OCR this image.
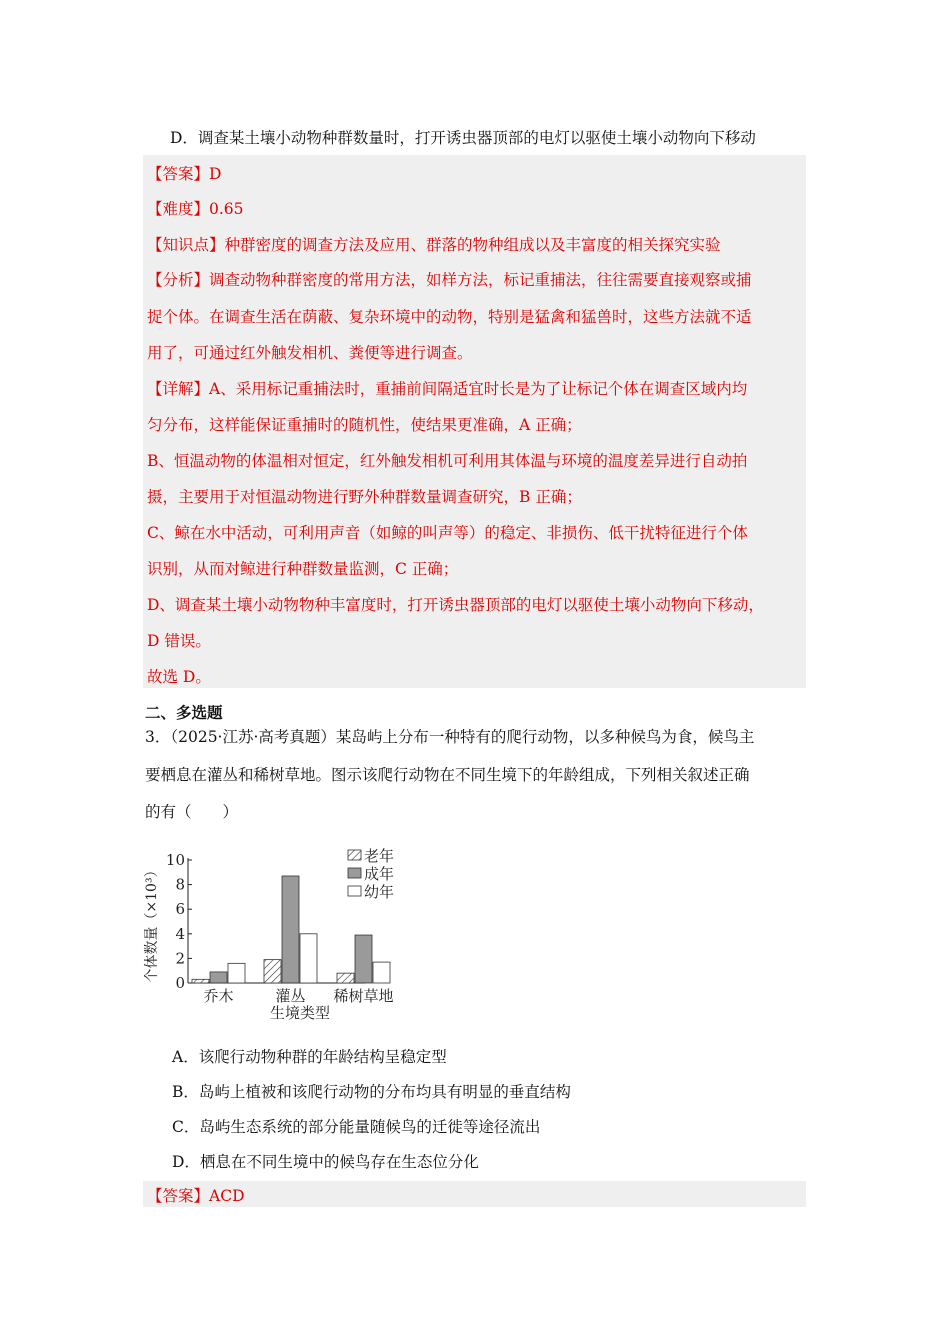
D．调查某土壤小动物种群数量时，打开诱虫器顶部的电灯以驱使土壤小动物向下移动
【答案】D
【难度】0.65
【知识点】种群密度的调查方法及应用、群落的物种组成以及丰富度的相关探究实验
【分析】调查动物种群密度的常用方法，如样方法，标记重捕法，往往需要直接观察或捕
捉个体。在调查生活在荫蔽、复杂环境中的动物，特别是猛禽和猛兽时，这些方法就不适
用了，可通过红外触发相机、粪便等进行调查。
【详解】A、采用标记重捕法时，重捕前间隔适宜时长是为了让标记个体在调查区域内均
匀分布，这样能保证重捕时的随机性，使结果更准确，A 正确；
B、恒温动物的体温相对恒定，红外触发相机可利用其体温与环境的温度差异进行自动拍
摄，主要用于对恒温动物进行野外种群数量调查研究，B 正确；
C、鲸在水中活动，可利用声音（如鲸的叫声等）的稳定、非损伤、低干扰特征进行个体
识别，从而对鲸进行种群数量监测，C 正确；
D、调查某土壤小动物物种丰富度时，打开诱虫器顶部的电灯以驱使土壤小动物向下移动，
D 错误。
故选 D。
二、多选题
3．（2025·江苏·高考真题）某岛屿上分布一种特有的爬行动物，以多种候鸟为食，候鸟主
要栖息在灌丛和稀树草地。图示该爬行动物在不同生境下的年龄组成，下列相关叙述正确
的有（　　）
0
2
4
6
8
10
个体数量（×10³）
乔木	灌丛 稀树草地
生境类型
老年
成年
幼年
A．该爬行动物种群的年龄结构呈稳定型
B．岛屿上植被和该爬行动物的分布均具有明显的垂直结构
C．岛屿生态系统的部分能量随候鸟的迁徙等途径流出
D．栖息在不同生境中的候鸟存在生态位分化
【答案】ACD
